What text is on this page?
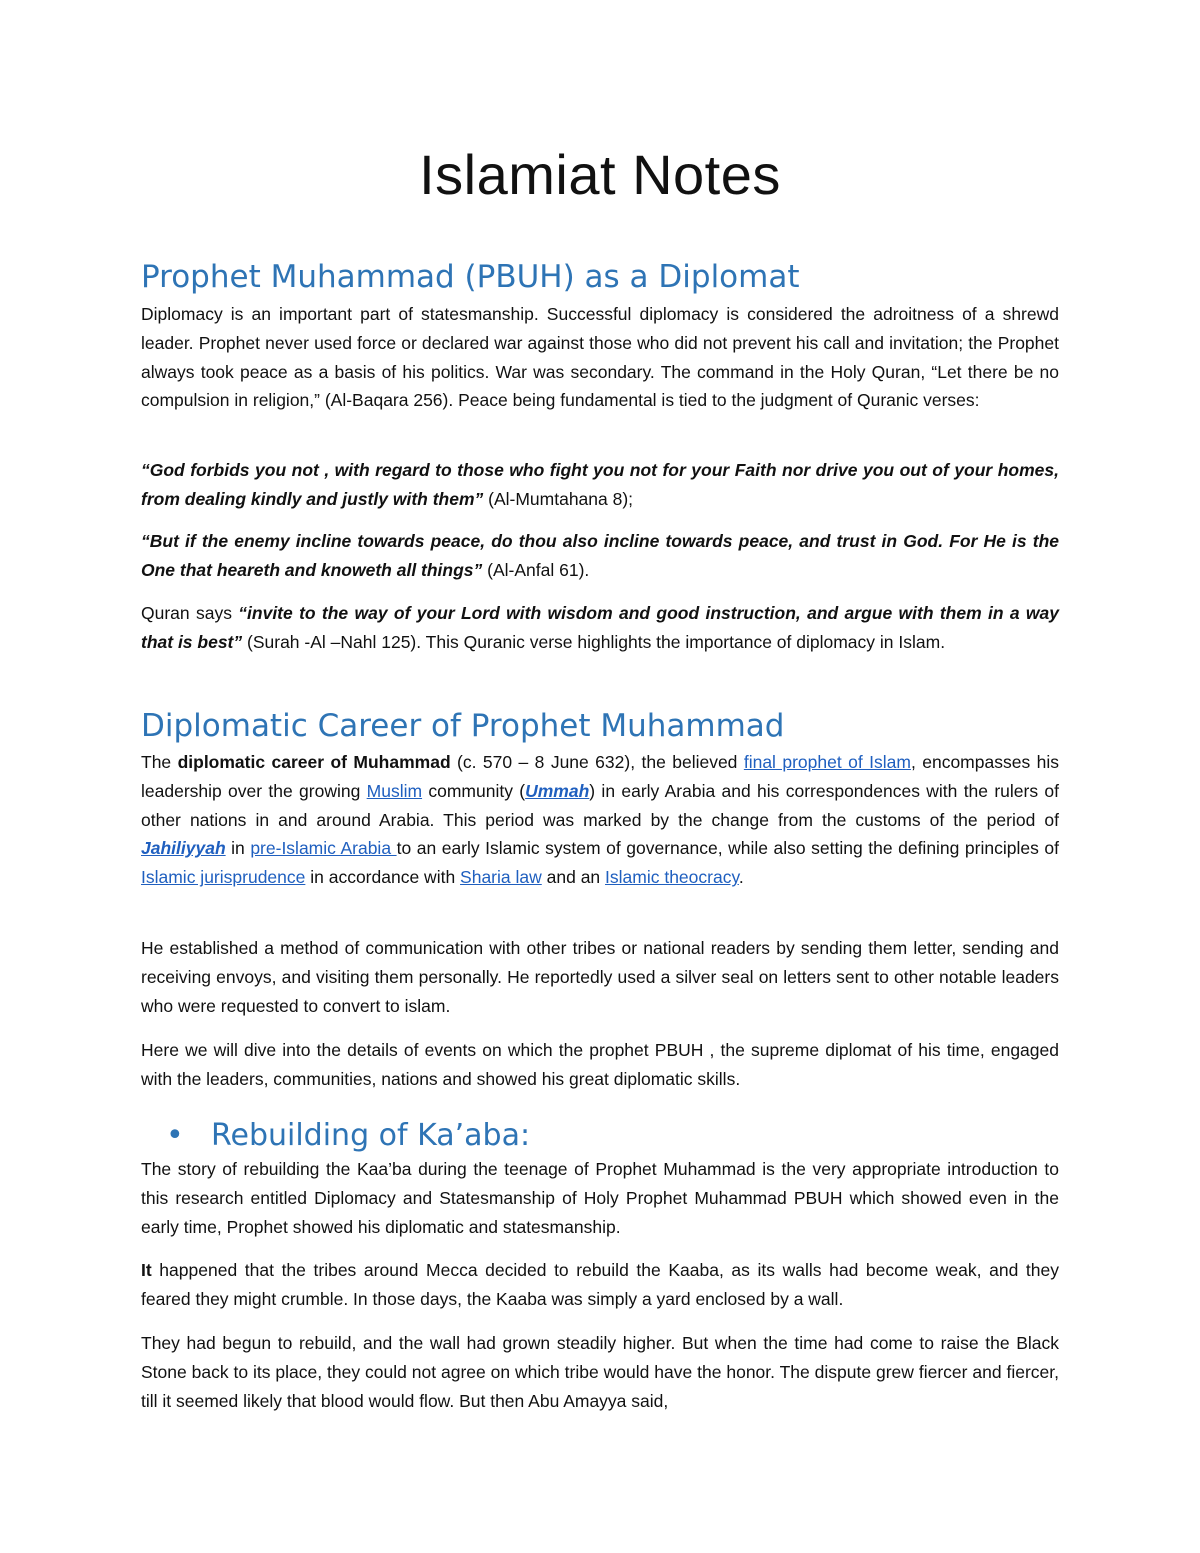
Islamiat Notes
Prophet Muhammad (PBUH) as a Diplomat

Diplomacy is an important part of statesmanship. Successful diplomacy is considered the adroitness of a shrewd leader. Prophet never used force or declared war against those who did not prevent his call and invitation; the Prophet always took peace as a basis of his politics. War was secondary. The command in the Holy Quran, “Let there be no compulsion in religion,” (Al-Baqara 256). Peace being fundamental is tied to the judgment of Quranic verses:

“God forbids you not , with regard to those who fight you not for your Faith nor drive you out of your homes, from dealing kindly and justly with them” (Al-Mumtahana 8);

“But if the enemy incline towards peace, do thou also incline towards peace, and trust in God. For He is the One that heareth and knoweth all things” (Al-Anfal 61).

Quran says “invite to the way of your Lord with wisdom and good instruction, and argue with them in a way that is best” (Surah -Al –Nahl 125). This Quranic verse highlights the importance of diplomacy in Islam.

Diplomatic Career of Prophet Muhammad

The diplomatic career of Muhammad (c. 570 – 8 June 632), the believed final prophet of Islam, encompasses his leadership over the growing Muslim community (Ummah) in early Arabia and his correspondences with the rulers of other nations in and around Arabia. This period was marked by the change from the customs of the period of Jahiliyyah in pre-Islamic Arabia to an early Islamic system of governance, while also setting the defining principles of Islamic jurisprudence in accordance with Sharia law and an Islamic theocracy.

He established a method of communication with other tribes or national readers by sending them letter, sending and receiving envoys, and visiting them personally. He reportedly used a silver seal on letters sent to other notable leaders who were requested to convert to islam.

Here we will dive into the details of events on which the prophet PBUH , the supreme diplomat of his time, engaged with the leaders, communities, nations and showed his great diplomatic skills.

• Rebuilding of Ka’aba:

The story of rebuilding the Kaa’ba during the teenage of Prophet Muhammad is the very appropriate introduction to this research entitled Diplomacy and Statesmanship of Holy Prophet Muhammad PBUH which showed even in the early time, Prophet showed his diplomatic and statesmanship.

It happened that the tribes around Mecca decided to rebuild the Kaaba, as its walls had become weak, and they feared they might crumble. In those days, the Kaaba was simply a yard enclosed by a wall.

They had begun to rebuild, and the wall had grown steadily higher. But when the time had come to raise the Black Stone back to its place, they could not agree on which tribe would have the honor. The dispute grew fiercer and fiercer, till it seemed likely that blood would flow. But then Abu Amayya said,
